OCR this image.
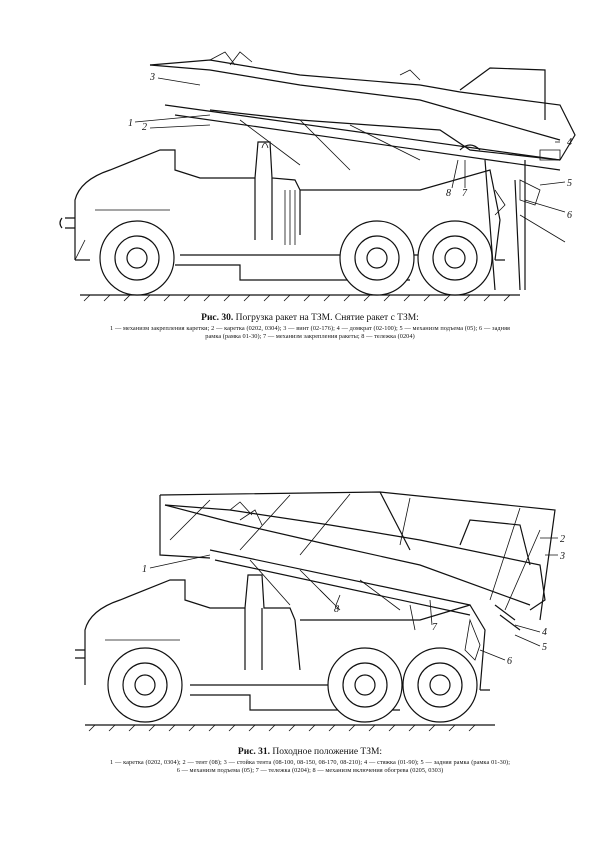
3
1 2
4
5
6
7
8

Рис. 30. Погрузка ракет на ТЗМ. Снятие ракет с ТЗМ:

1 — механизм закрепления каретки; 2 — каретка (0202, 0304); 3 — винт (02-176); 4 — домкрат (02-100); 5 — механизм подъема (05); 6 — задняя рамка (рамка 01-30); 7 — механизм закрепления ракеты; 8 — тележка (0204)

1
2
3
4
5
6
7
8

Рис. 31. Походное положение ТЗМ:

1 — каретка (0202, 0304); 2 — тент (08); 3 — стойка тента (08-100, 08-150, 08-170, 08-210); 4 — стяжка (01-90); 5 — задняя рамка (рамка 01-30); 6 — механизм подъема (05); 7 — тележка (0204); 8 — механизм включения обогрева (0205, 0303)
